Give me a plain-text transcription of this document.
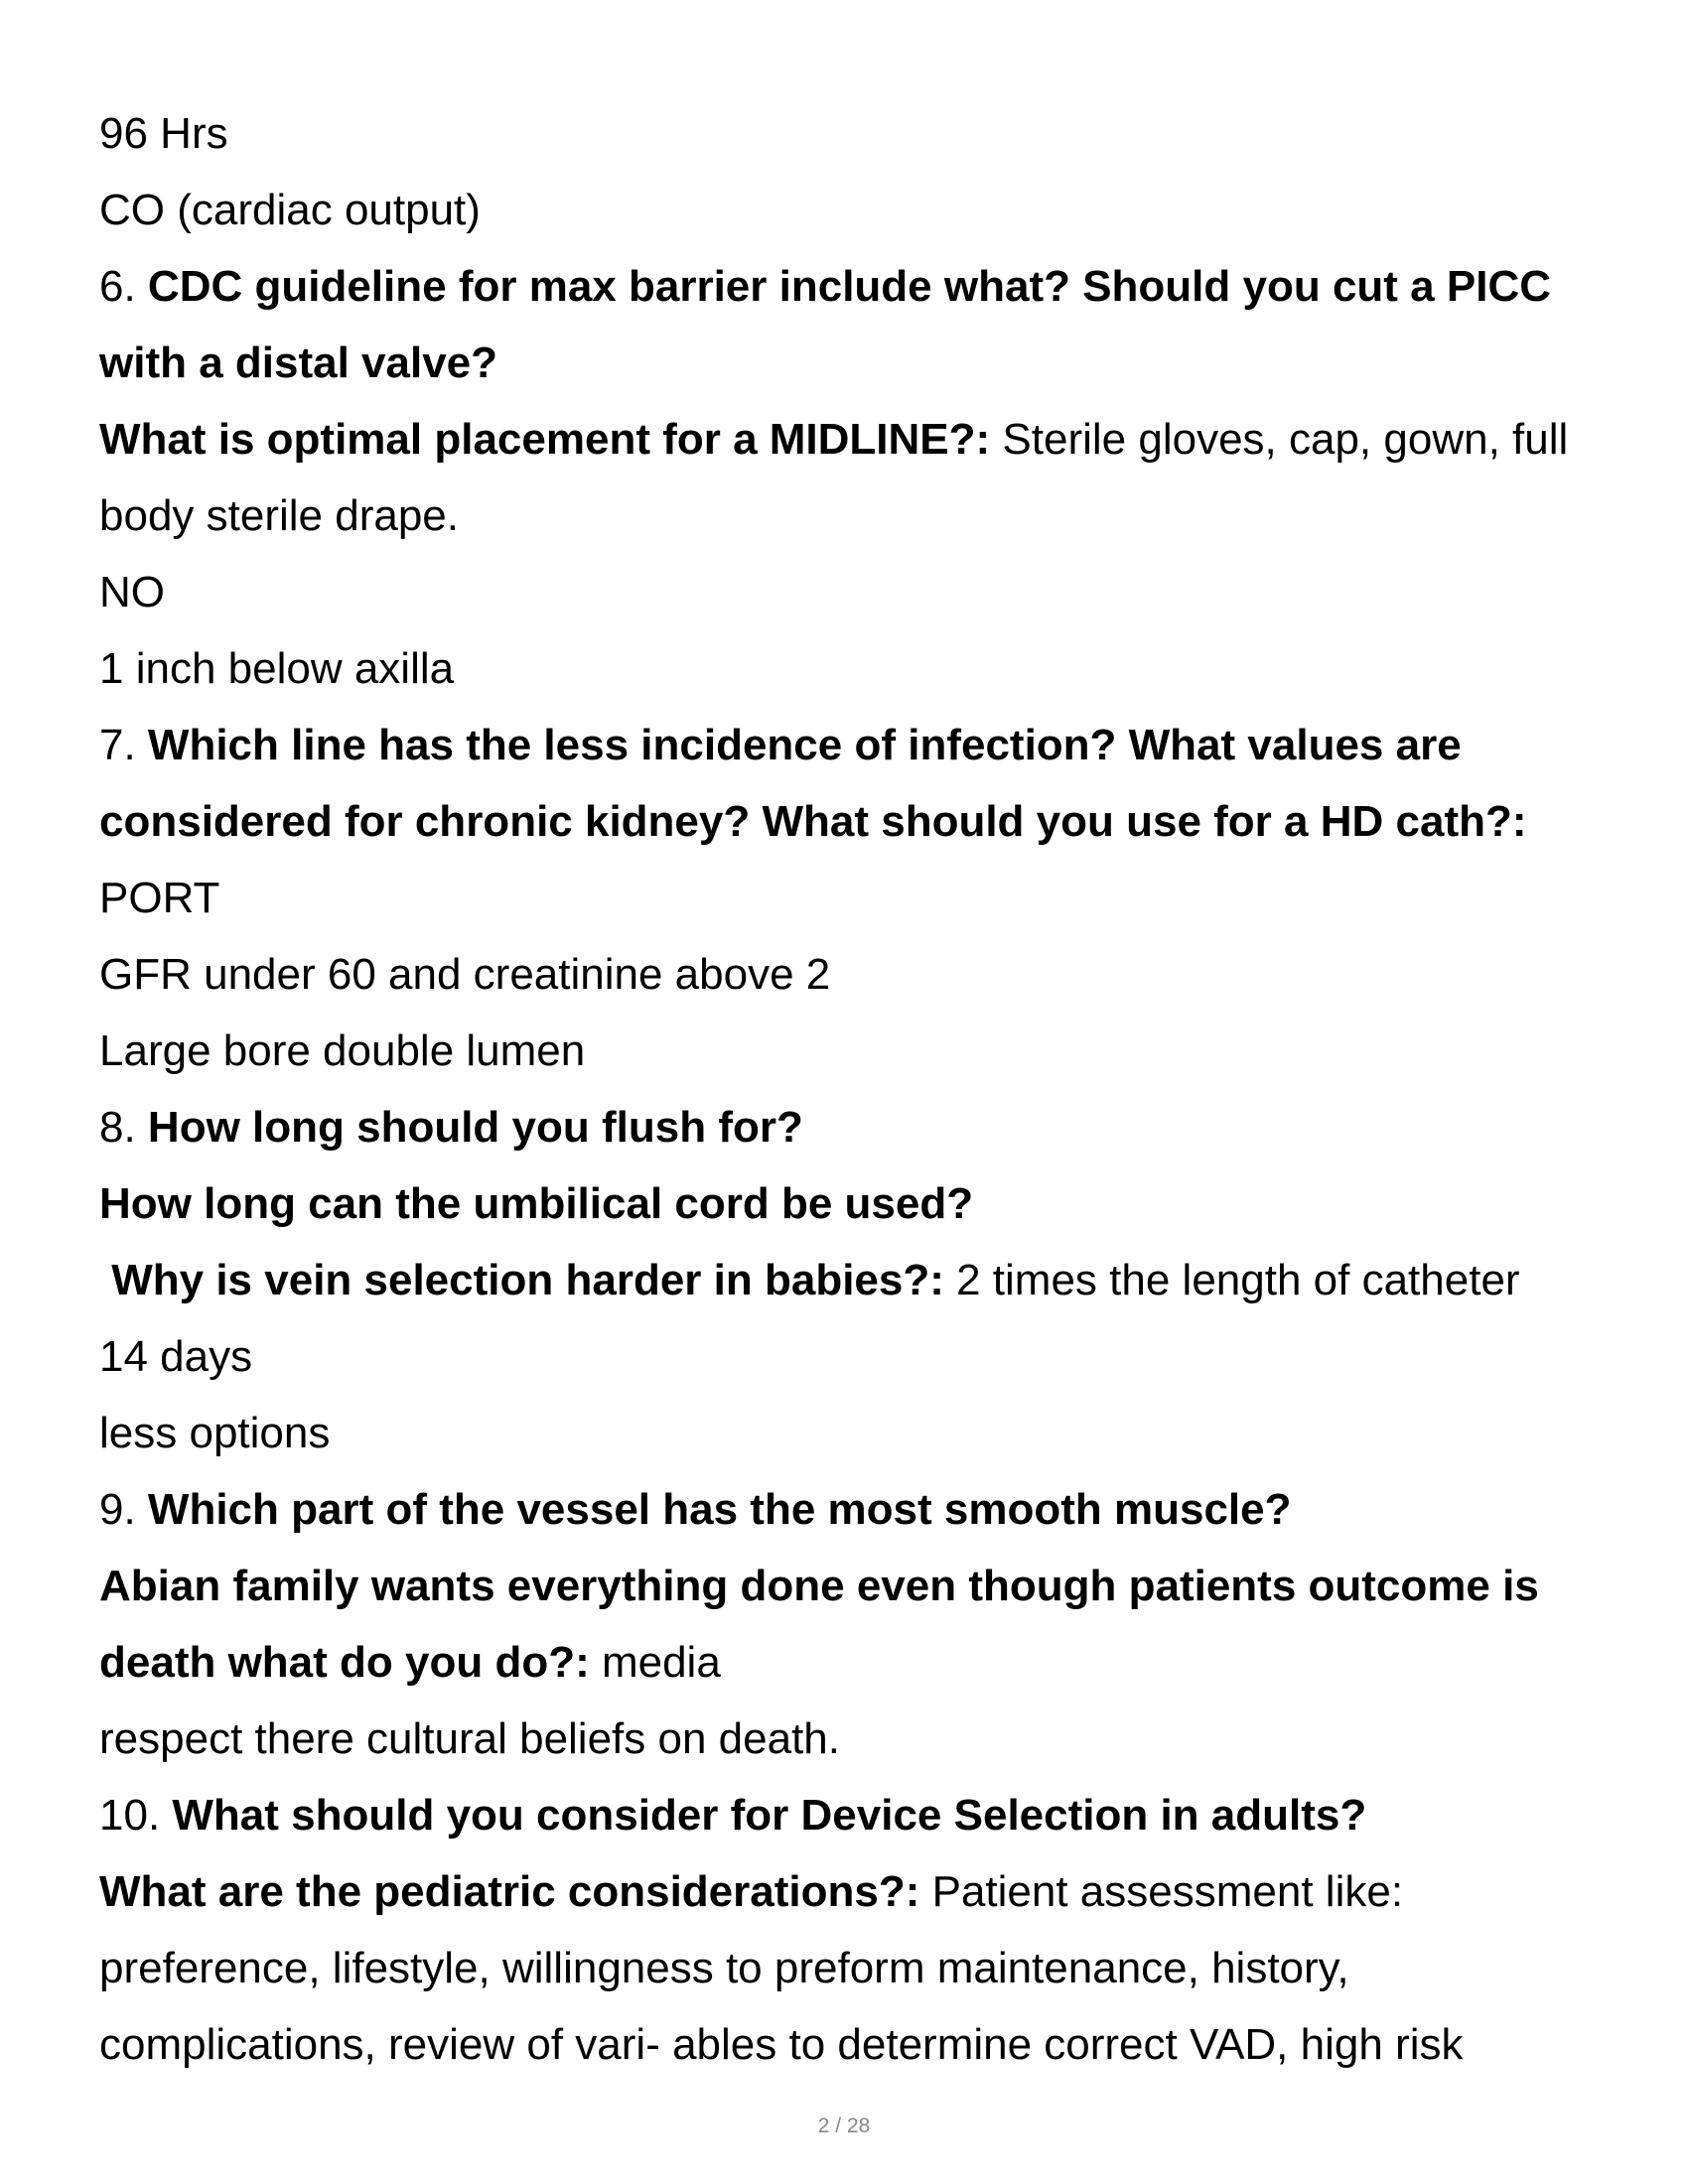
96 Hrs
CO (cardiac output)
6. CDC guideline for max barrier include what? Should you cut a PICC
with a distal valve?
What is optimal placement for a MIDLINE?: Sterile gloves, cap, gown, full
body sterile drape.
NO
1 inch below axilla
7. Which line has the less incidence of infection? What values are
considered for chronic kidney? What should you use for a HD cath?:
PORT
GFR under 60 and creatinine above 2
Large bore double lumen
8. How long should you flush for?
How long can the umbilical cord be used?
Why is vein selection harder in babies?: 2 times the length of catheter
14 days
less options
9. Which part of the vessel has the most smooth muscle?
Abian family wants everything done even though patients outcome is
death what do you do?: media
respect there cultural beliefs on death.
10. What should you consider for Device Selection in adults?
What are the pediatric considerations?: Patient assessment like:
preference, lifestyle, willingness to preform maintenance, history,
complications, review of vari- ables to determine correct VAD, high risk
2 / 28
